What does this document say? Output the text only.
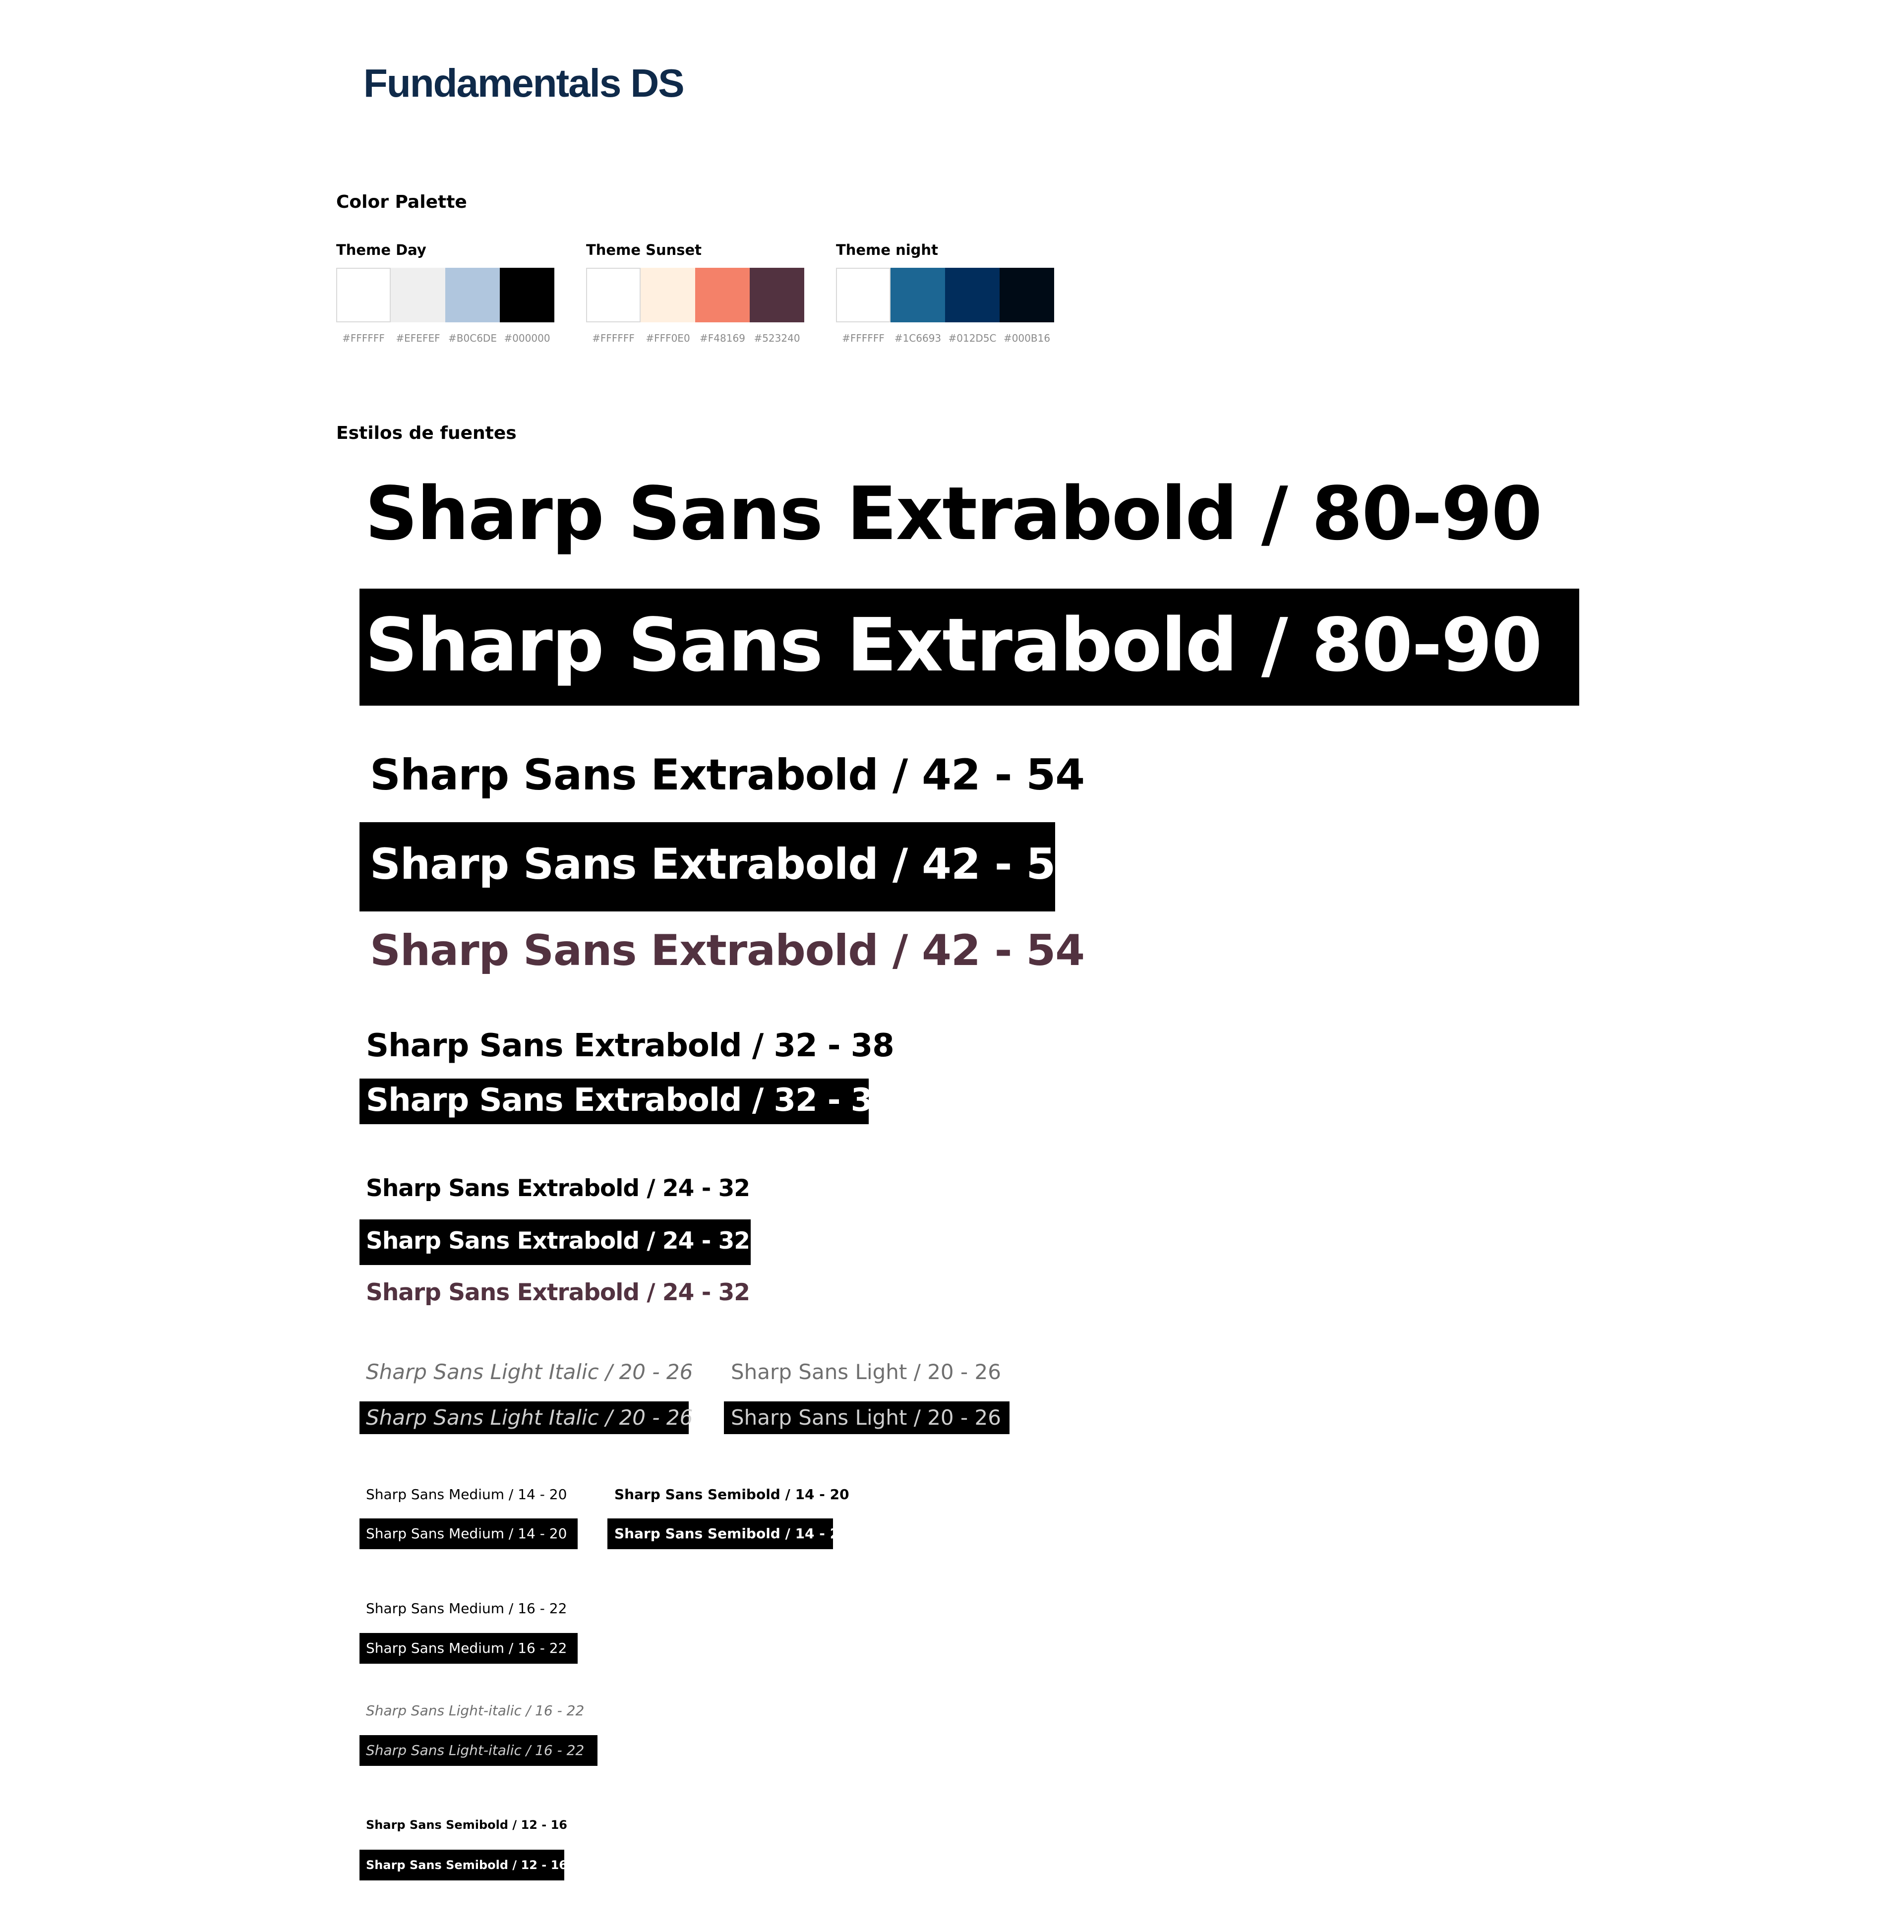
Fundamentals DS
Color Palette
Theme Day
#FFFFFF	#EFEFEF #B0C6DE #000000
Theme Sunset
#FFFFFF	#FFF0E0 #F48169 #523240
Theme night
#FFFFFF #1C6693 #012D5C #000B16
Estilos de fuentes
Sharp Sans Extrabold / 80-90
Sharp Sans Extrabold / 80-90
Sharp Sans Extrabold / 42 - 54
Sharp Sans Extrabold / 42 - 54
Sharp Sans Extrabold / 42 - 54
Sharp Sans Extrabold / 32 - 38
Sharp Sans Extrabold / 32 - 38
Sharp Sans Extrabold / 24 - 32
Sharp Sans Extrabold / 24 - 32
Sharp Sans Extrabold / 24 - 32
Sharp Sans Light Italic / 20 - 26 Sharp Sans Light / 20 - 26
Sharp Sans Light Italic / 20 - 26	Sharp Sans Light / 20 - 26
Sharp Sans Medium / 14 - 20	Sharp Sans Semibold / 14 - 20
Sharp Sans Medium / 14 - 20	Sharp Sans Semibold / 14 - 20
Sharp Sans Medium / 16 - 22
Sharp Sans Medium / 16 - 22
Sharp Sans Light-italic / 16 - 22
Sharp Sans Light-italic / 16 - 22
Sharp Sans Semibold / 12 - 16
Sharp Sans Semibold / 12 - 16
